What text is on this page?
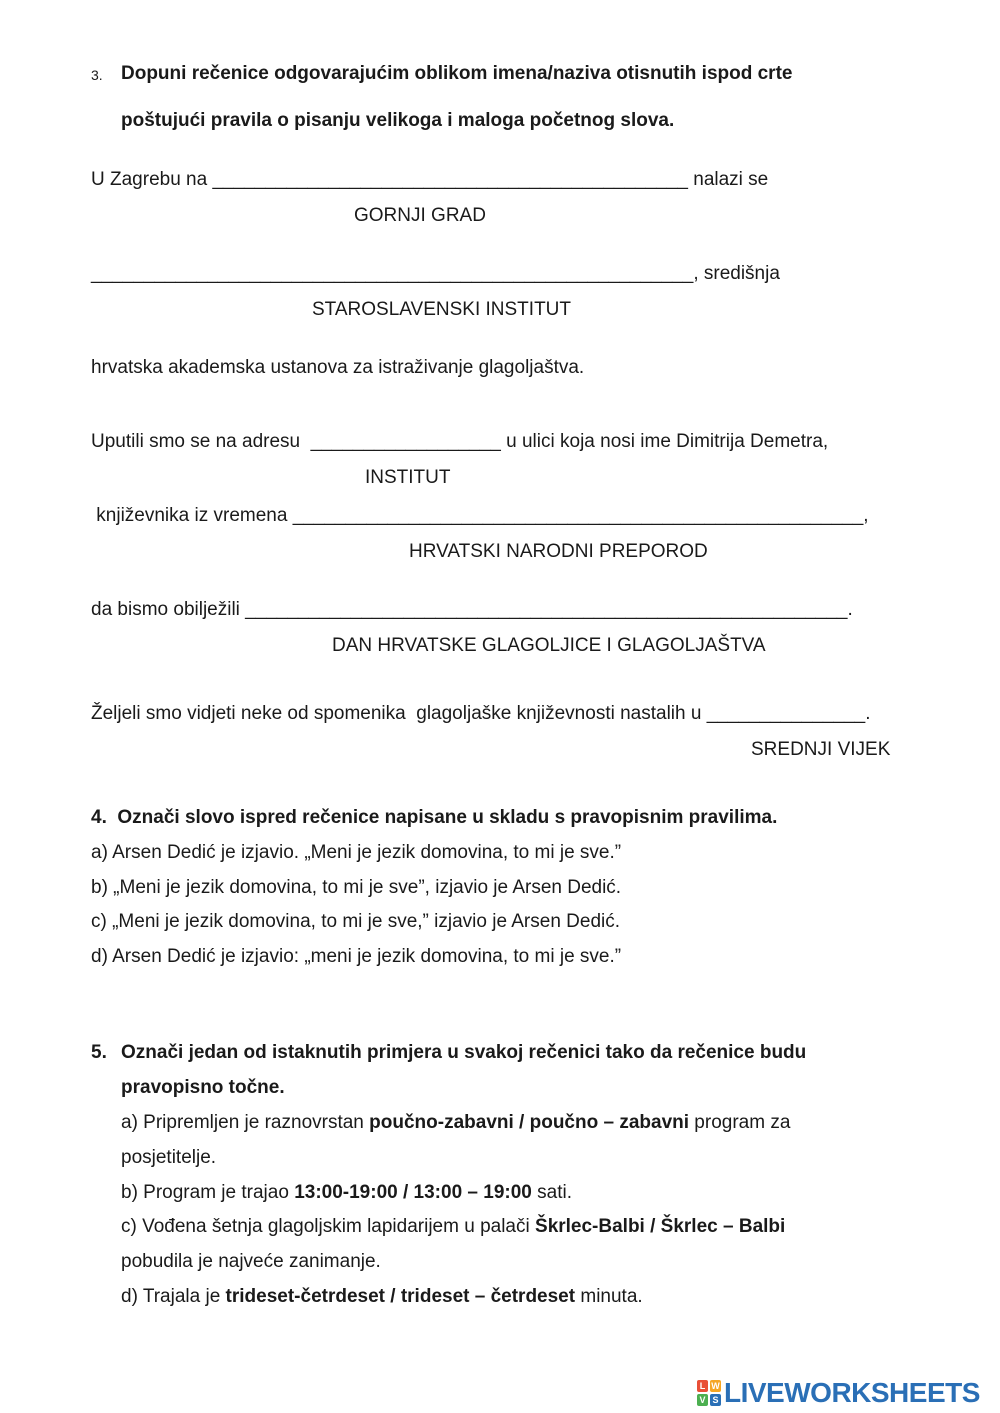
3. Dopuni rečenice odgovarajućim oblikom imena/naziva otisnutih ispod crte
poštujući pravila o pisanju velikoga i maloga početnog slova.
U Zagrebu na _____________________________________________ nalazi se
GORNJI GRAD
_________________________________________________________, središnja
STAROSLAVENSKI INSTITUT
hrvatska akademska ustanova za istraživanje glagoljaštva.
Uputili smo se na adresu  __________________ u ulici koja nosi ime Dimitrija Demetra,
INSTITUT
književnika iz vremena ______________________________________________________,
HRVATSKI NARODNI PREPOROD
da bismo obilježili _________________________________________________________.
DAN HRVATSKE GLAGOLJICE I GLAGOLJAŠTVA
Željeli smo vidjeti neke od spomenika  glagoljaške književnosti nastalih u _______________.
SREDNJI VIJEK
4.  Označi slovo ispred rečenice napisane u skladu s pravopisnim pravilima.
a) Arsen Dedić je izjavio. „Meni je jezik domovina, to mi je sve.”
b) „Meni je jezik domovina, to mi je sve”, izjavio je Arsen Dedić.
c) „Meni je jezik domovina, to mi je sve,” izjavio je Arsen Dedić.
d) Arsen Dedić je izjavio: „meni je jezik domovina, to mi je sve.”
5. Označi jedan od istaknutih primjera u svakoj rečenici tako da rečenice budu
pravopisno točne.
a) Pripremljen je raznovrstan poučno-zabavni / poučno – zabavni program za
posjetitelje.
b) Program je trajao 13:00-19:00 / 13:00 – 19:00 sati.
c) Vođena šetnja glagoljskim lapidarijem u palači Škrlec-Balbi / Škrlec – Balbi
pobudila je najveće zanimanje.
d) Trajala je trideset-četrdeset / trideset – četrdeset minuta.
L W
V S LIVEWORKSHEETS
